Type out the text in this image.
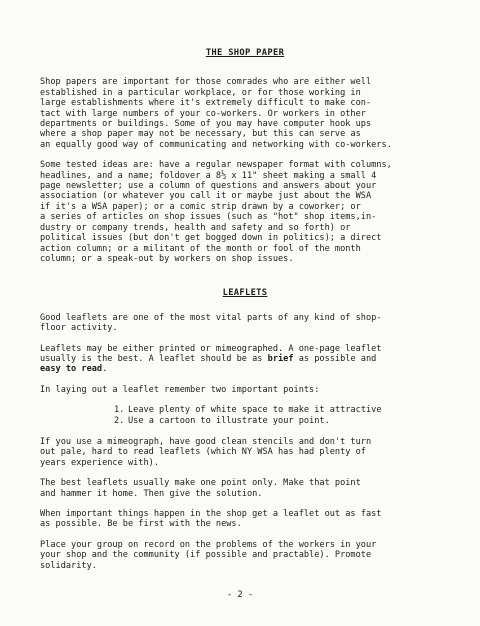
THE SHOP PAPER

Shop papers are important for those comrades who are either well
established in a particular workplace, or for those working in
large establishments where it's extremely difficult to make con-
tact with large numbers of your co-workers. Or workers in other
departments or buildings. Some of you may have computer hook ups
where a shop paper may not be necessary, but this can serve as
an equally good way of communicating and networking with co-workers.

Some tested ideas are: have a regular newspaper format with columns,
headlines, and a name; foldover a 8½ x 11" sheet making a small 4
page newsletter; use a column of questions and answers about your
association (or whatever you call it or maybe just about the WSA
if it's a WSA paper); or a comic strip drawn by a coworker; or
a series of articles on shop issues (such as "hot" shop items,in-
dustry or company trends, health and safety and so forth) or
political issues (but don't get bogged down in politics); a direct
action column; or a militant of the month or fool of the month
column; or a speak-out by workers on shop issues.

LEAFLETS

Good leaflets are one of the most vital parts of any kind of shop-
floor activity.

Leaflets may be either printed or mimeographed. A one-page leaflet
usually is the best. A leaflet should be as brief as possible and
easy to read.

In laying out a leaflet remember two important points:

1. Leave plenty of white space to make it attractive
2. Use a cartoon to illustrate your point.

If you use a mimeograph, have good clean stencils and don't turn
out pale, hard to read leaflets (which NY WSA has had plenty of
years experience with).

The best leaflets usually make one point only. Make that point
and hammer it home. Then give the solution.

When important things happen in the shop get a leaflet out as fast
as possible. Be be first with the news.

Place your group on record on the problems of the workers in your
your shop and the community (if possible and practable). Promote
solidarity.

- 2 -
